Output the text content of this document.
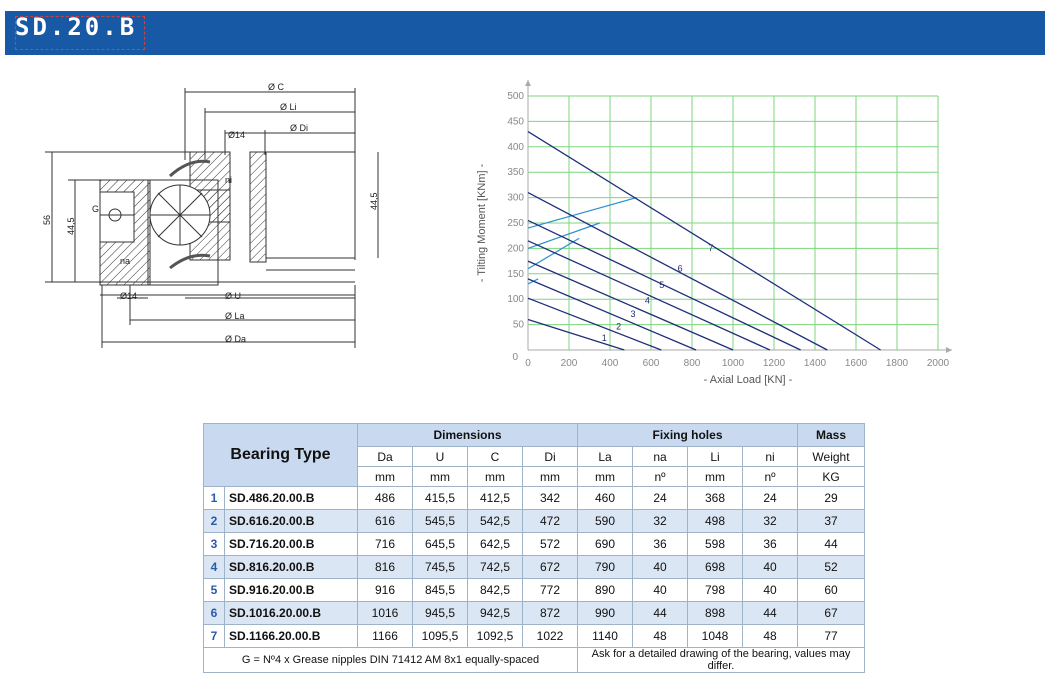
SD.20.B
Ø C
Ø Li
Ø14
Ø Di
ni
G
na
56 44,5
44,5
Ø14	Ø U
Ø La
Ø Da	1
2
3
4
5
6
7
0	200 400 600 800 1000 1200 1400 1600 1800 2000
50
100
150
200
250
300
350
400
450
500
0
- Axial Load [KN] -
- Tilting Moment [KNm] -
Bearing Type		Dimensions				Fixing holes				Mass
		Da	U	C	Di	La	na	Li	ni	Weight
		mm	mm	mm	mm	mm	nº	mm	nº	KG
1	SD.486.20.00.B	486	415,5	412,5	342	460	24	368	24	29
2	SD.616.20.00.B	616	545,5	542,5	472	590	32	498	32	37
3	SD.716.20.00.B	716	645,5	642,5	572	690	36	598	36	44
4	SD.816.20.00.B	816	745,5	742,5	672	790	40	698	40	52
5	SD.916.20.00.B	916	845,5	842,5	772	890	40	798	40	60
6	SD.1016.20.00.B	1016	945,5	942,5	872	990	44	898	44	67
7	SD.1166.20.00.B	1166	1095,5	1092,5	1022	1140	48	1048	48	77
G = Nº4 x Grease nipples DIN 71412 AM 8x1 equally-spaced						Ask for a detailed drawing of the bearing, values may differ.				
